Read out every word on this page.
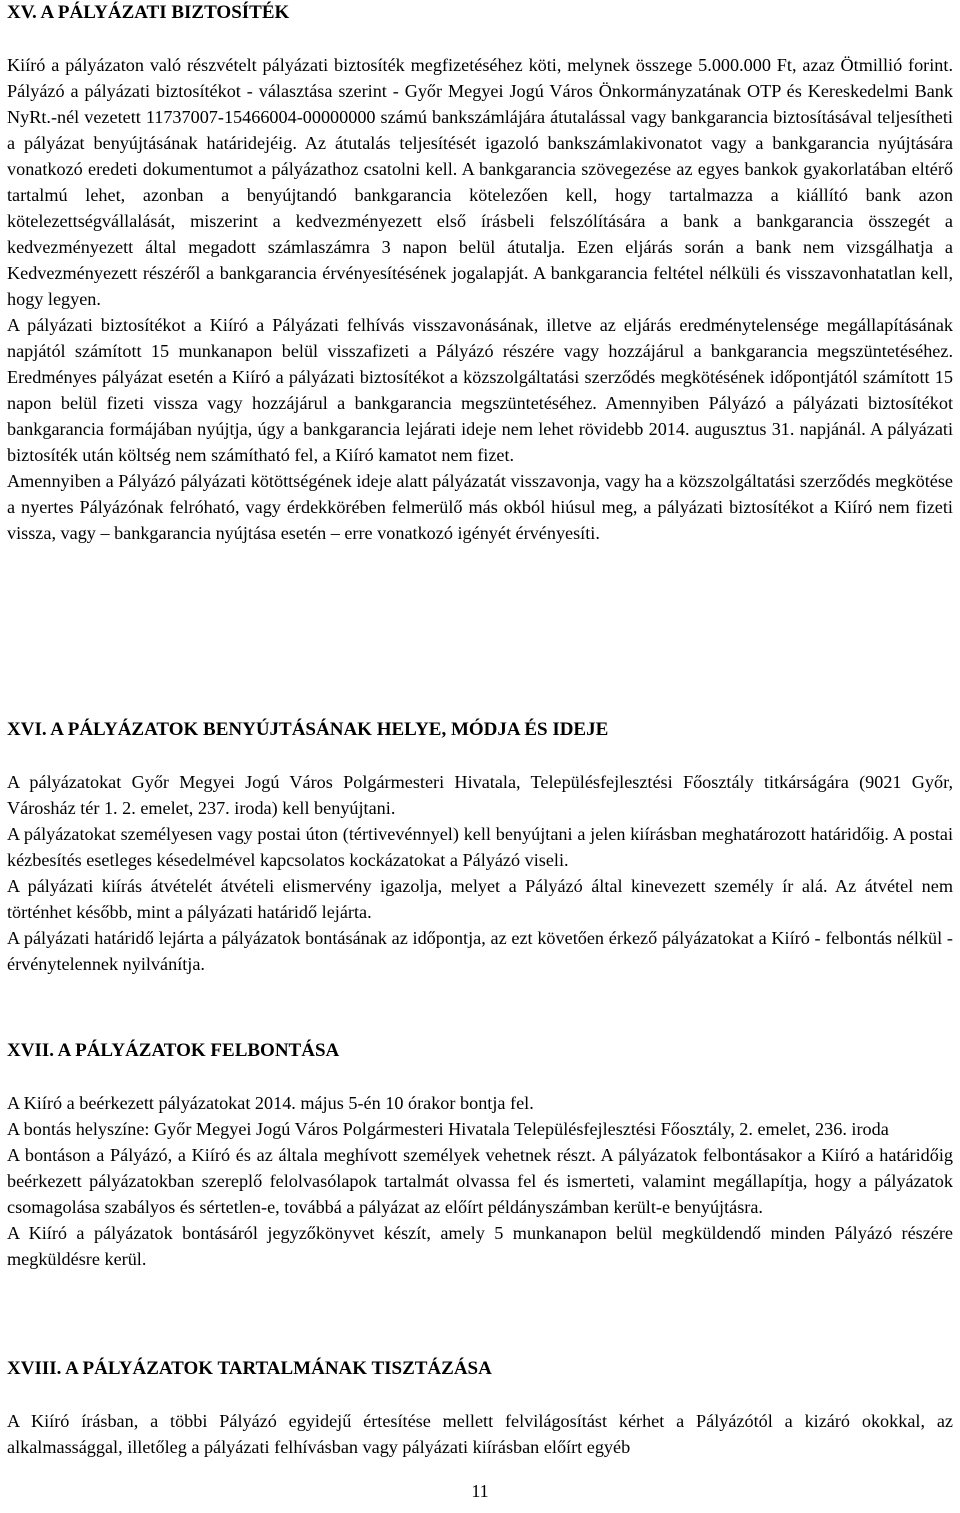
XV. A PÁLYÁZATI BIZTOSÍTÉK

Kiíró a pályázaton való részvételt pályázati biztosíték megfizetéséhez köti, melynek összege 5.000.000 Ft, azaz Ötmillió forint. Pályázó a pályázati biztosítékot - választása szerint - Győr Megyei Jogú Város Önkormányzatának OTP és Kereskedelmi Bank NyRt.-nél vezetett 11737007-15466004-00000000 számú bankszámlájára átutalással vagy bankgarancia biztosításával teljesítheti a pályázat benyújtásának határidejéig. Az átutalás teljesítését igazoló bankszámlakivonatot vagy a bankgarancia nyújtására vonatkozó eredeti dokumentumot a pályázathoz csatolni kell. A bankgarancia szövegezése az egyes bankok gyakorlatában eltérő tartalmú lehet, azonban a benyújtandó bankgarancia kötelezően kell, hogy tartalmazza a kiállító bank azon kötelezettségvállalását, miszerint a kedvezményezett első írásbeli felszólítására a bank a bankgarancia összegét a kedvezményezett által megadott számlaszámra 3 napon belül átutalja. Ezen eljárás során a bank nem vizsgálhatja a Kedvezményezett részéről a bankgarancia érvényesítésének jogalapját. A bankgarancia feltétel nélküli és visszavonhatatlan kell, hogy legyen.

A pályázati biztosítékot a Kiíró a Pályázati felhívás visszavonásának, illetve az eljárás eredménytelensége megállapításának napjától számított 15 munkanapon belül visszafizeti a Pályázó részére vagy hozzájárul a bankgarancia megszüntetéséhez. Eredményes pályázat esetén a Kiíró a pályázati biztosítékot a közszolgáltatási szerződés megkötésének időpontjától számított 15 napon belül fizeti vissza vagy hozzájárul a bankgarancia megszüntetéséhez. Amennyiben Pályázó a pályázati biztosítékot bankgarancia formájában nyújtja, úgy a bankgarancia lejárati ideje nem lehet rövidebb 2014. augusztus 31. napjánál. A pályázati biztosíték után költség nem számítható fel, a Kiíró kamatot nem fizet.

Amennyiben a Pályázó pályázati kötöttségének ideje alatt pályázatát visszavonja, vagy ha a közszolgáltatási szerződés megkötése a nyertes Pályázónak felróható, vagy érdekkörében felmerülő más okból hiúsul meg, a pályázati biztosítékot a Kiíró nem fizeti vissza, vagy – bankgarancia nyújtása esetén – erre vonatkozó igényét érvényesíti.

XVI. A PÁLYÁZATOK BENYÚJTÁSÁNAK HELYE, MÓDJA ÉS IDEJE

A pályázatokat Győr Megyei Jogú Város Polgármesteri Hivatala, Településfejlesztési Főosztály titkárságára (9021 Győr, Városház tér 1. 2. emelet, 237. iroda) kell benyújtani.

A pályázatokat személyesen vagy postai úton (tértivevénnyel) kell benyújtani a jelen kiírásban meghatározott határidőig. A postai kézbesítés esetleges késedelmével kapcsolatos kockázatokat a Pályázó viseli.

A pályázati kiírás átvételét átvételi elismervény igazolja, melyet a Pályázó által kinevezett személy ír alá. Az átvétel nem történhet később, mint a pályázati határidő lejárta.

A pályázati határidő lejárta a pályázatok bontásának az időpontja, az ezt követően érkező pályázatokat a Kiíró - felbontás nélkül - érvénytelennek nyilvánítja.

XVII. A PÁLYÁZATOK FELBONTÁSA

A Kiíró a beérkezett pályázatokat 2014. május 5-én 10 órakor bontja fel.

A bontás helyszíne: Győr Megyei Jogú Város Polgármesteri Hivatala Településfejlesztési Főosztály, 2. emelet, 236. iroda

A bontáson a Pályázó, a Kiíró és az általa meghívott személyek vehetnek részt. A pályázatok felbontásakor a Kiíró a határidőig beérkezett pályázatokban szereplő felolvasólapok tartalmát olvassa fel és ismerteti, valamint megállapítja, hogy a pályázatok csomagolása szabályos és sértetlen-e, továbbá a pályázat az előírt példányszámban került-e benyújtásra.

A Kiíró a pályázatok bontásáról jegyzőkönyvet készít, amely 5 munkanapon belül megküldendő minden Pályázó részére megküldésre kerül.

XVIII. A PÁLYÁZATOK TARTALMÁNAK TISZTÁZÁSA

A Kiíró írásban, a többi Pályázó egyidejű értesítése mellett felvilágosítást kérhet a Pályázótól a kizáró okokkal, az alkalmassággal, illetőleg a pályázati felhívásban vagy pályázati kiírásban előírt egyéb

11
